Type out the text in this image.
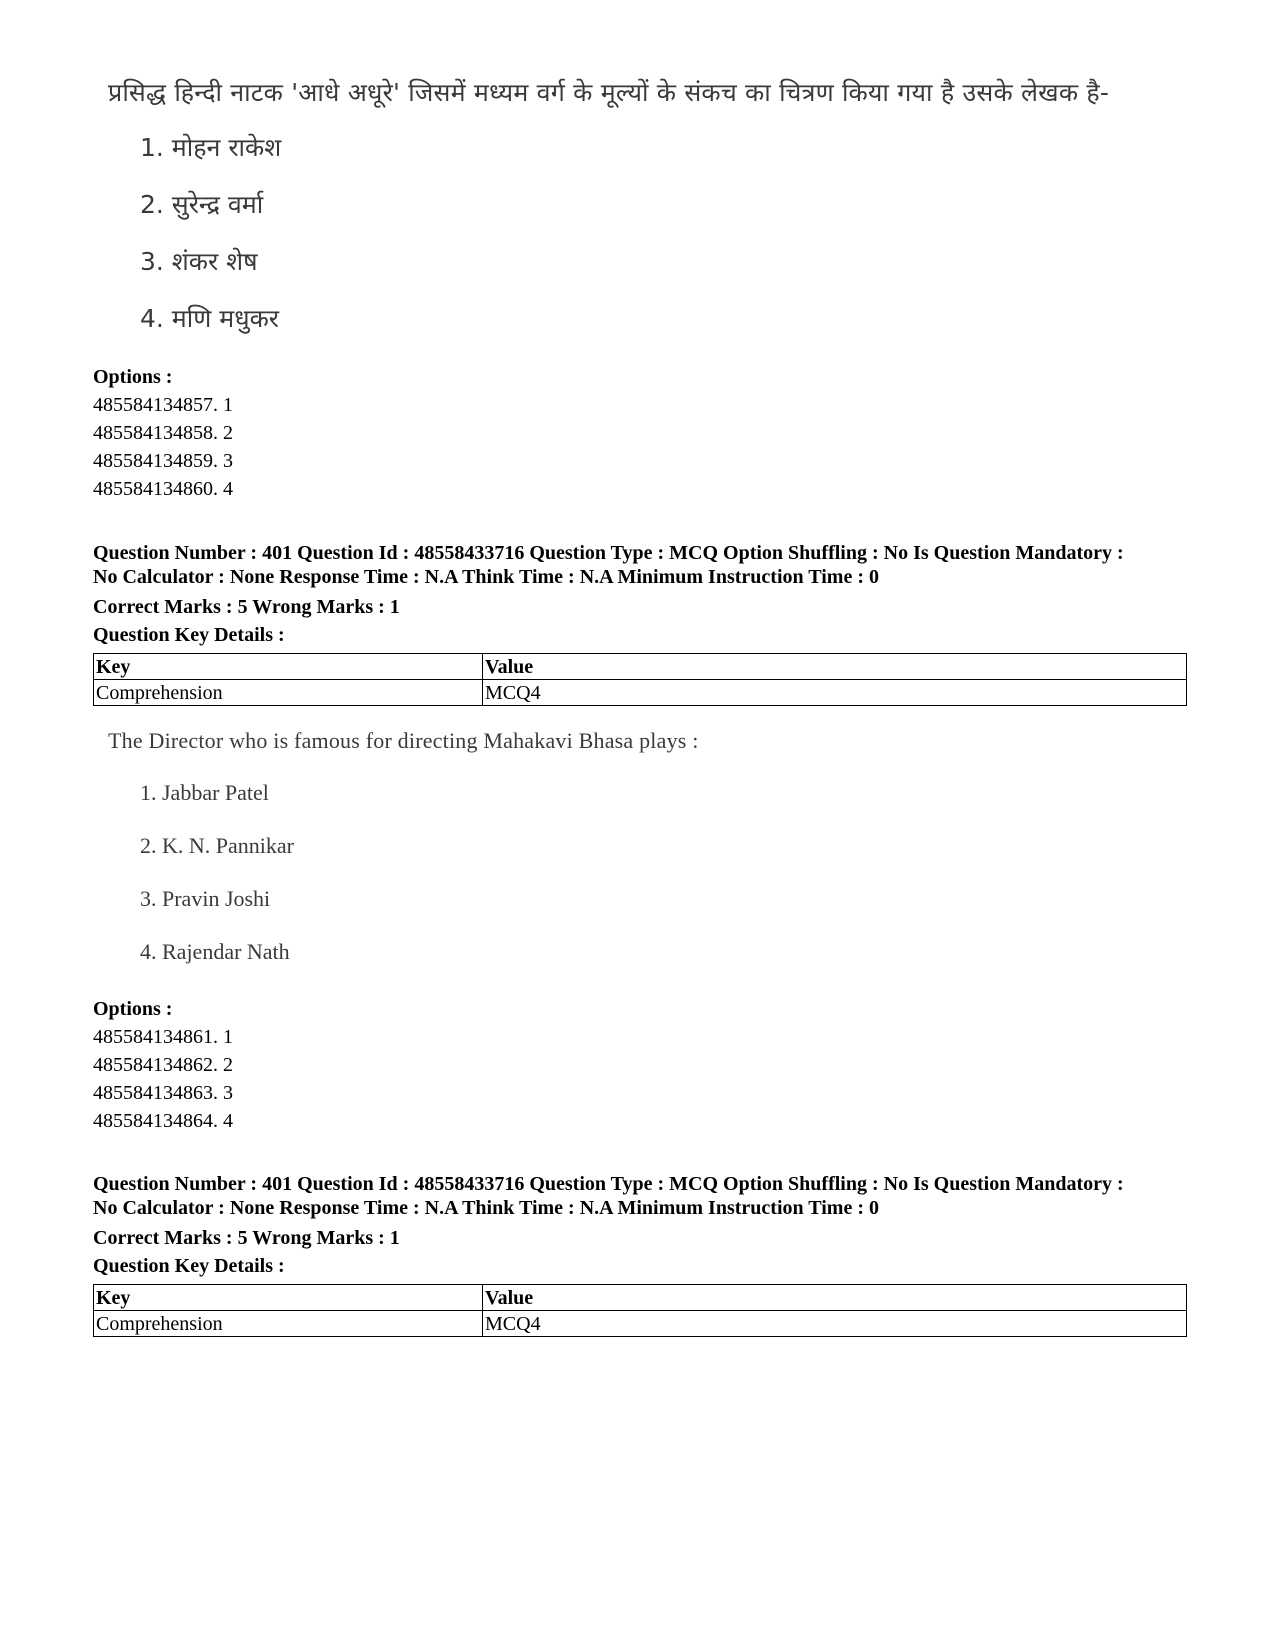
प्रसिद्ध हिन्दी नाटक 'आधे अधूरे' जिसमें मध्यम वर्ग के मूल्यों के संकच का चित्रण किया गया है उसके लेखक है-
1. मोहन राकेश
2. सुरेन्द्र वर्मा
3. शंकर शेष
4. मणि मधुकर
Options :
485584134857. 1
485584134858. 2
485584134859. 3
485584134860. 4
Question Number : 401 Question Id : 48558433716 Question Type : MCQ Option Shuffling : No Is Question Mandatory :
No Calculator : None Response Time : N.A Think Time : N.A Minimum Instruction Time : 0
Correct Marks : 5 Wrong Marks : 1
Question Key Details :
Key	Value
Comprehension	MCQ4
The Director who is famous for directing Mahakavi Bhasa plays :
1. Jabbar Patel
2. K. N. Pannikar
3. Pravin Joshi
4. Rajendar Nath
Options :
485584134861. 1
485584134862. 2
485584134863. 3
485584134864. 4
Question Number : 401 Question Id : 48558433716 Question Type : MCQ Option Shuffling : No Is Question Mandatory :
No Calculator : None Response Time : N.A Think Time : N.A Minimum Instruction Time : 0
Correct Marks : 5 Wrong Marks : 1
Question Key Details :
Key	Value
Comprehension	MCQ4
